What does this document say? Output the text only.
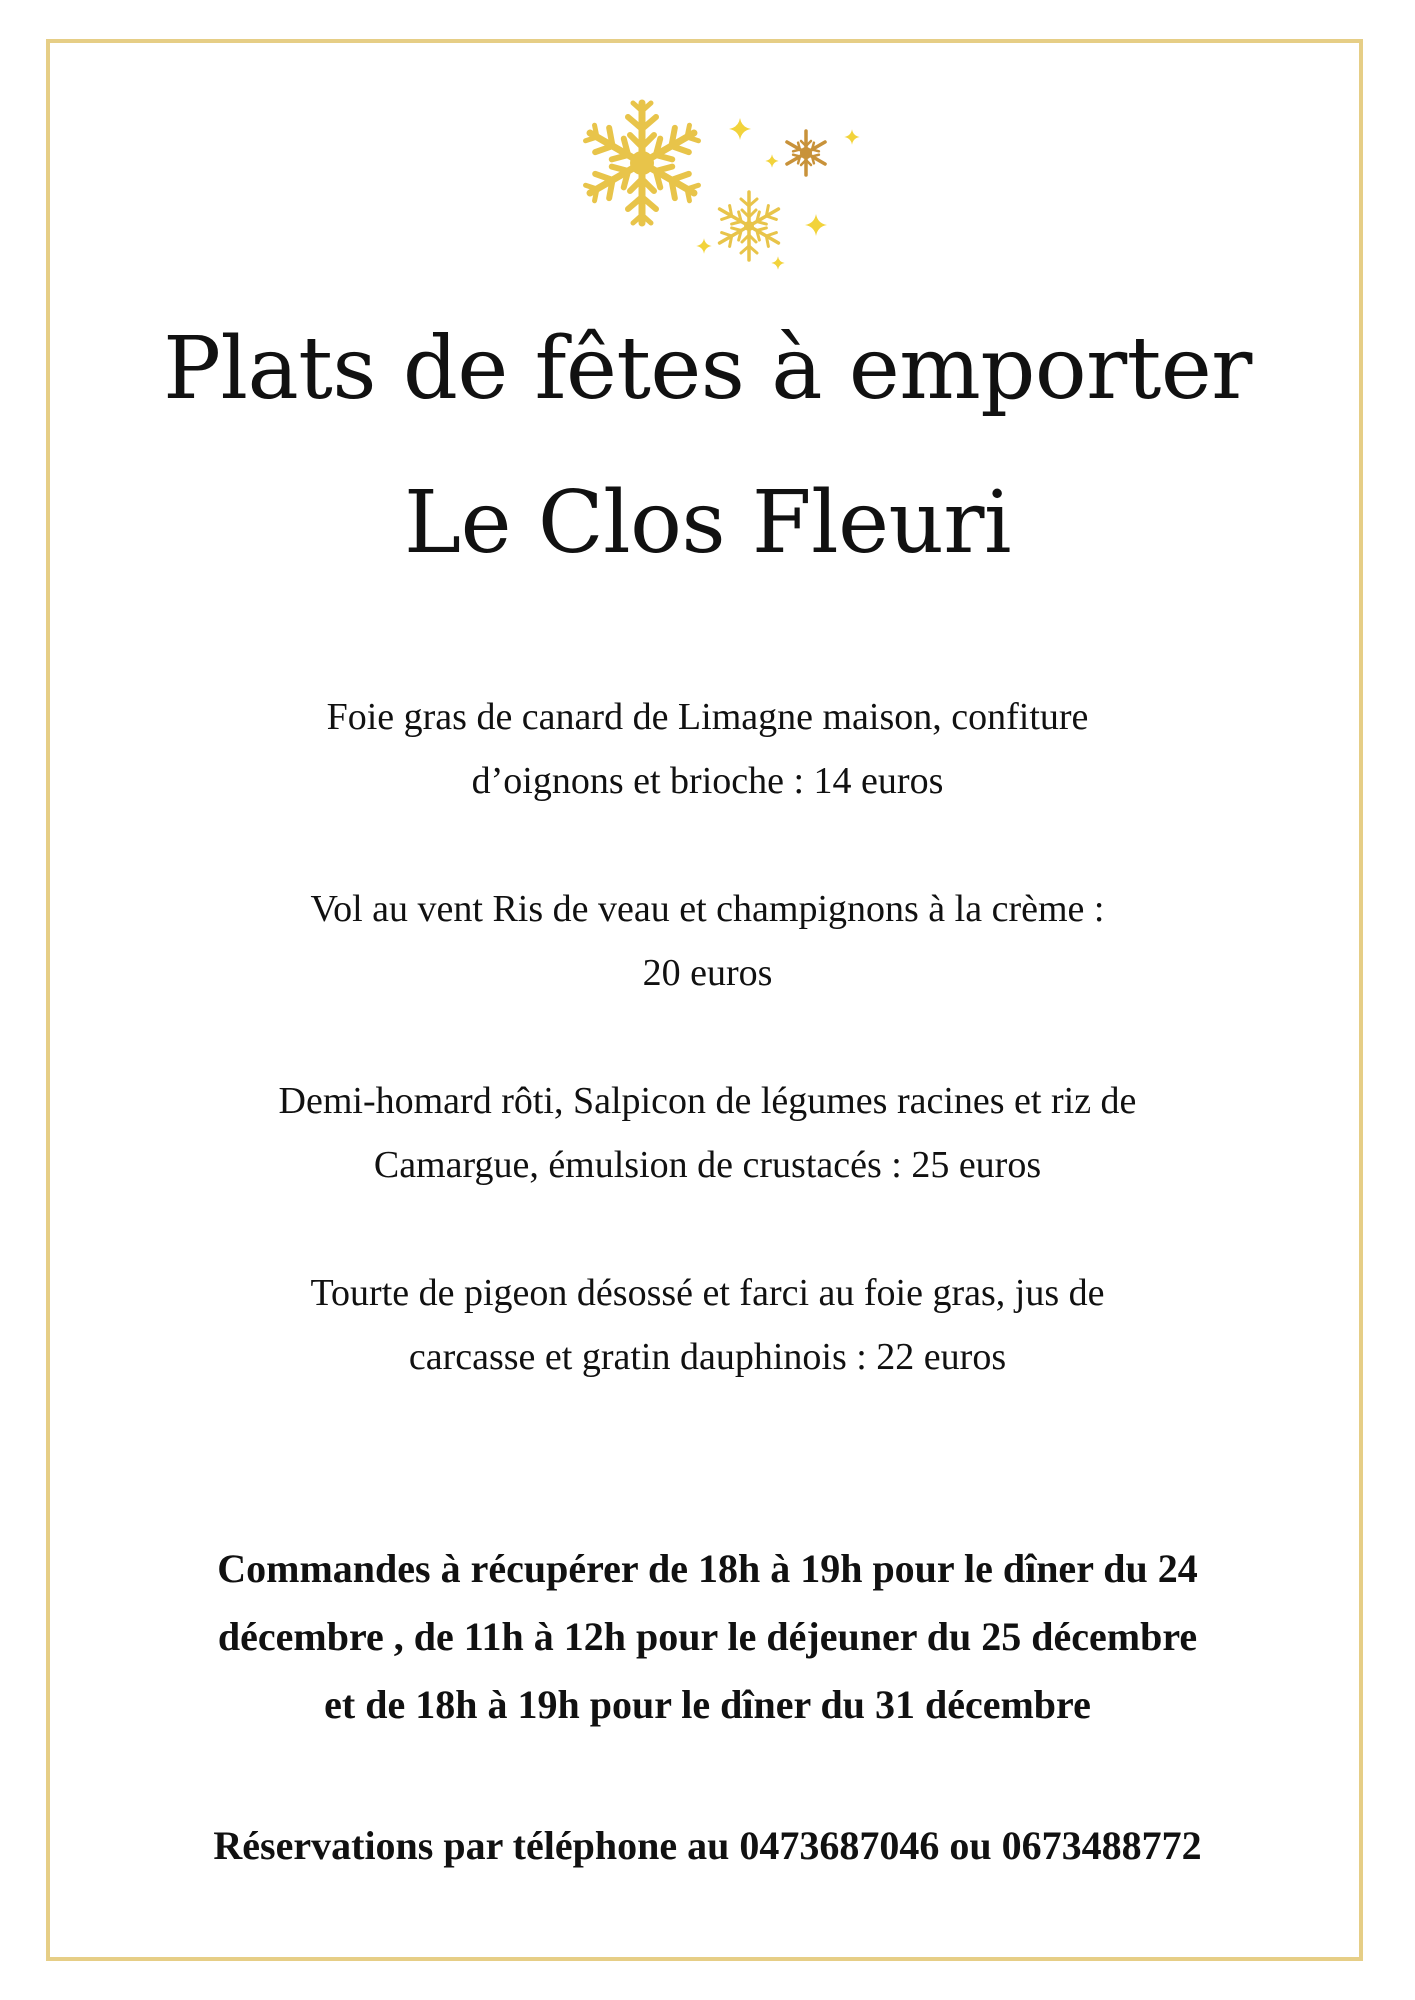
Plats de fêtes à emporter
Le Clos Fleuri

Foie gras de canard de Limagne maison, confiture
d’oignons et brioche : 14 euros

Vol au vent Ris de veau et champignons à la crème :
20 euros

Demi-homard rôti, Salpicon de légumes racines et riz de
Camargue, émulsion de crustacés : 25 euros

Tourte de pigeon désossé et farci au foie gras, jus de
carcasse et gratin dauphinois : 22 euros

Commandes à récupérer de 18h à 19h pour le dîner du 24
décembre , de 11h à 12h pour le déjeuner du 25 décembre
et de 18h à 19h pour le dîner du 31 décembre

Réservations par téléphone au 0473687046 ou 0673488772
